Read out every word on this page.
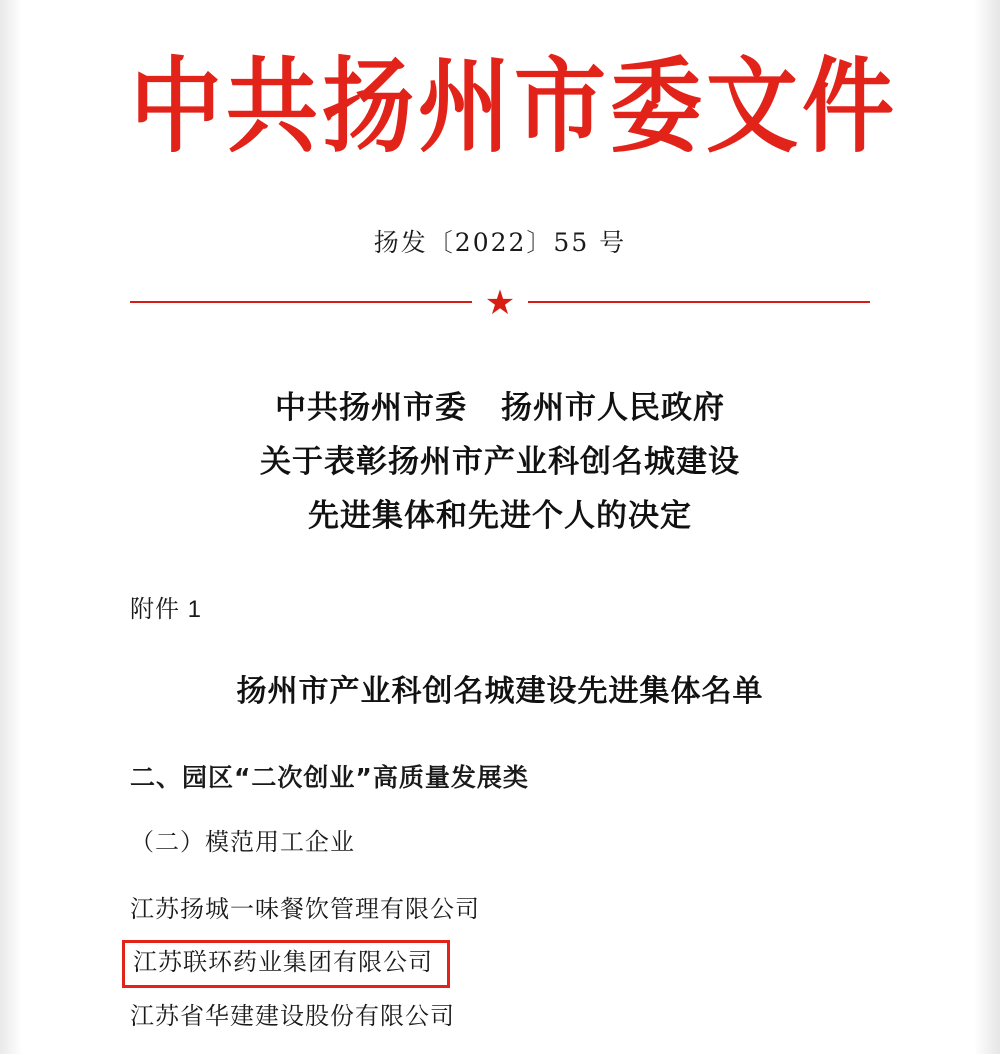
中共扬州市委文件
扬发〔2022〕55 号
★
中共扬州市委 扬州市人民政府
关于表彰扬州市产业科创名城建设
先进集体和先进个人的决定
附件 1
扬州市产业科创名城建设先进集体名单
二、园区“二次创业”高质量发展类
（二）模范用工企业
江苏扬城一味餐饮管理有限公司
江苏联环药业集团有限公司
江苏省华建建设股份有限公司
